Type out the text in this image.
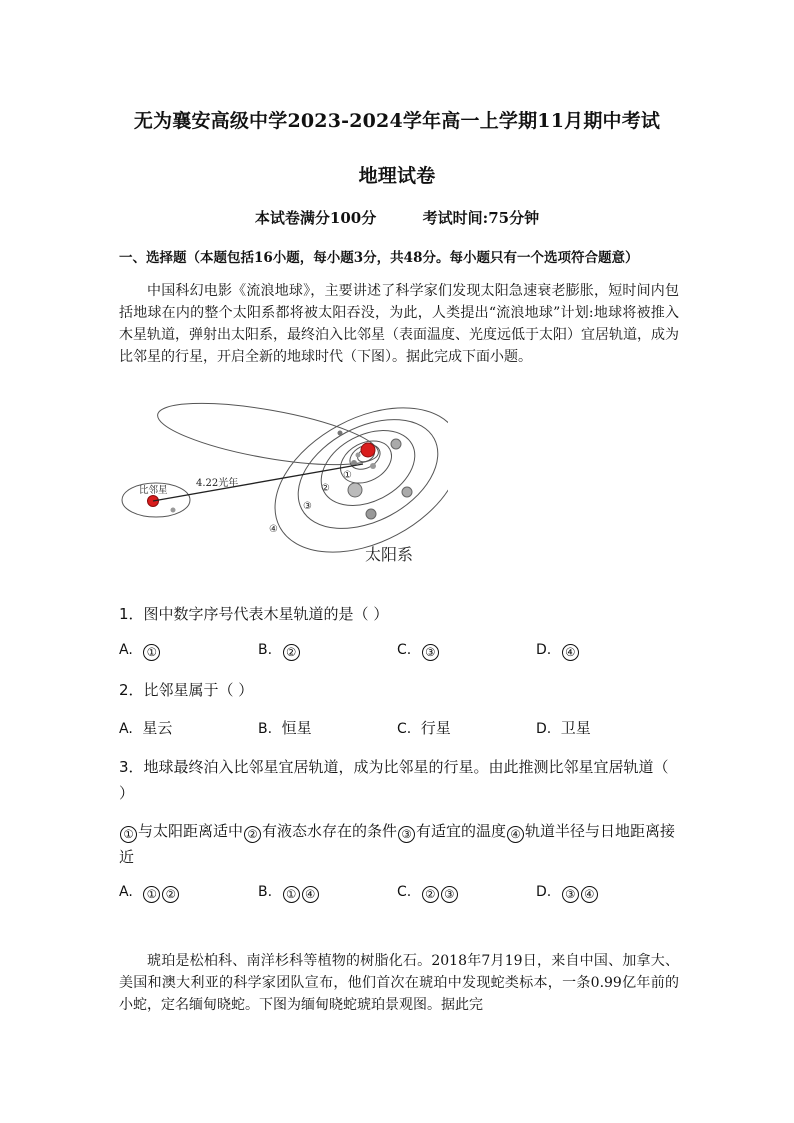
无为襄安高级中学2023-2024学年高一上学期11月期中考试
地理试卷
本试卷满分100分	考试时间:75分钟
一、选择题（本题包括16小题，每小题3分，共48分。每小题只有一个选项符合题意）

中国科幻电影《流浪地球》，主要讲述了科学家们发现太阳急速衰老膨胀，短时间内包括地球在内的整个太阳系都将被太阳吞没，为此，人类提出“流浪地球”计划:地球将被推入木星轨道，弹射出太阳系，最终泊入比邻星（表面温度、光度远低于太阳）宜居轨道，成为比邻星的行星，开启全新的地球时代（下图）。据此完成下面小题。

4.22光年
比邻星
①
②
③
④
太阳系
1．图中数字序号代表木星轨道的是（ ）
A. ①	B. ②	C. ③	D. ④
2．比邻星属于（ ）
A. 星云	B. 恒星	C. 行星	D. 卫星
3．地球最终泊入比邻星宜居轨道，成为比邻星的行星。由此推测比邻星宜居轨道（ ）
① 与太阳距离适中 ② 有液态水存在的条件 ③ 有适宜的温度 ④ 轨道半径与日地距离接近
A. ① ②	B. ① ④	C. ② ③	D. ③ ④

琥珀是松柏科、南洋杉科等植物的树脂化石。2018年7月19日，来自中国、加拿大、美国和澳大利亚的科学家团队宣布，他们首次在琥珀中发现蛇类标本，一条0.99亿年前的小蛇，定名缅甸晓蛇。下图为缅甸晓蛇琥珀景观图。据此完
